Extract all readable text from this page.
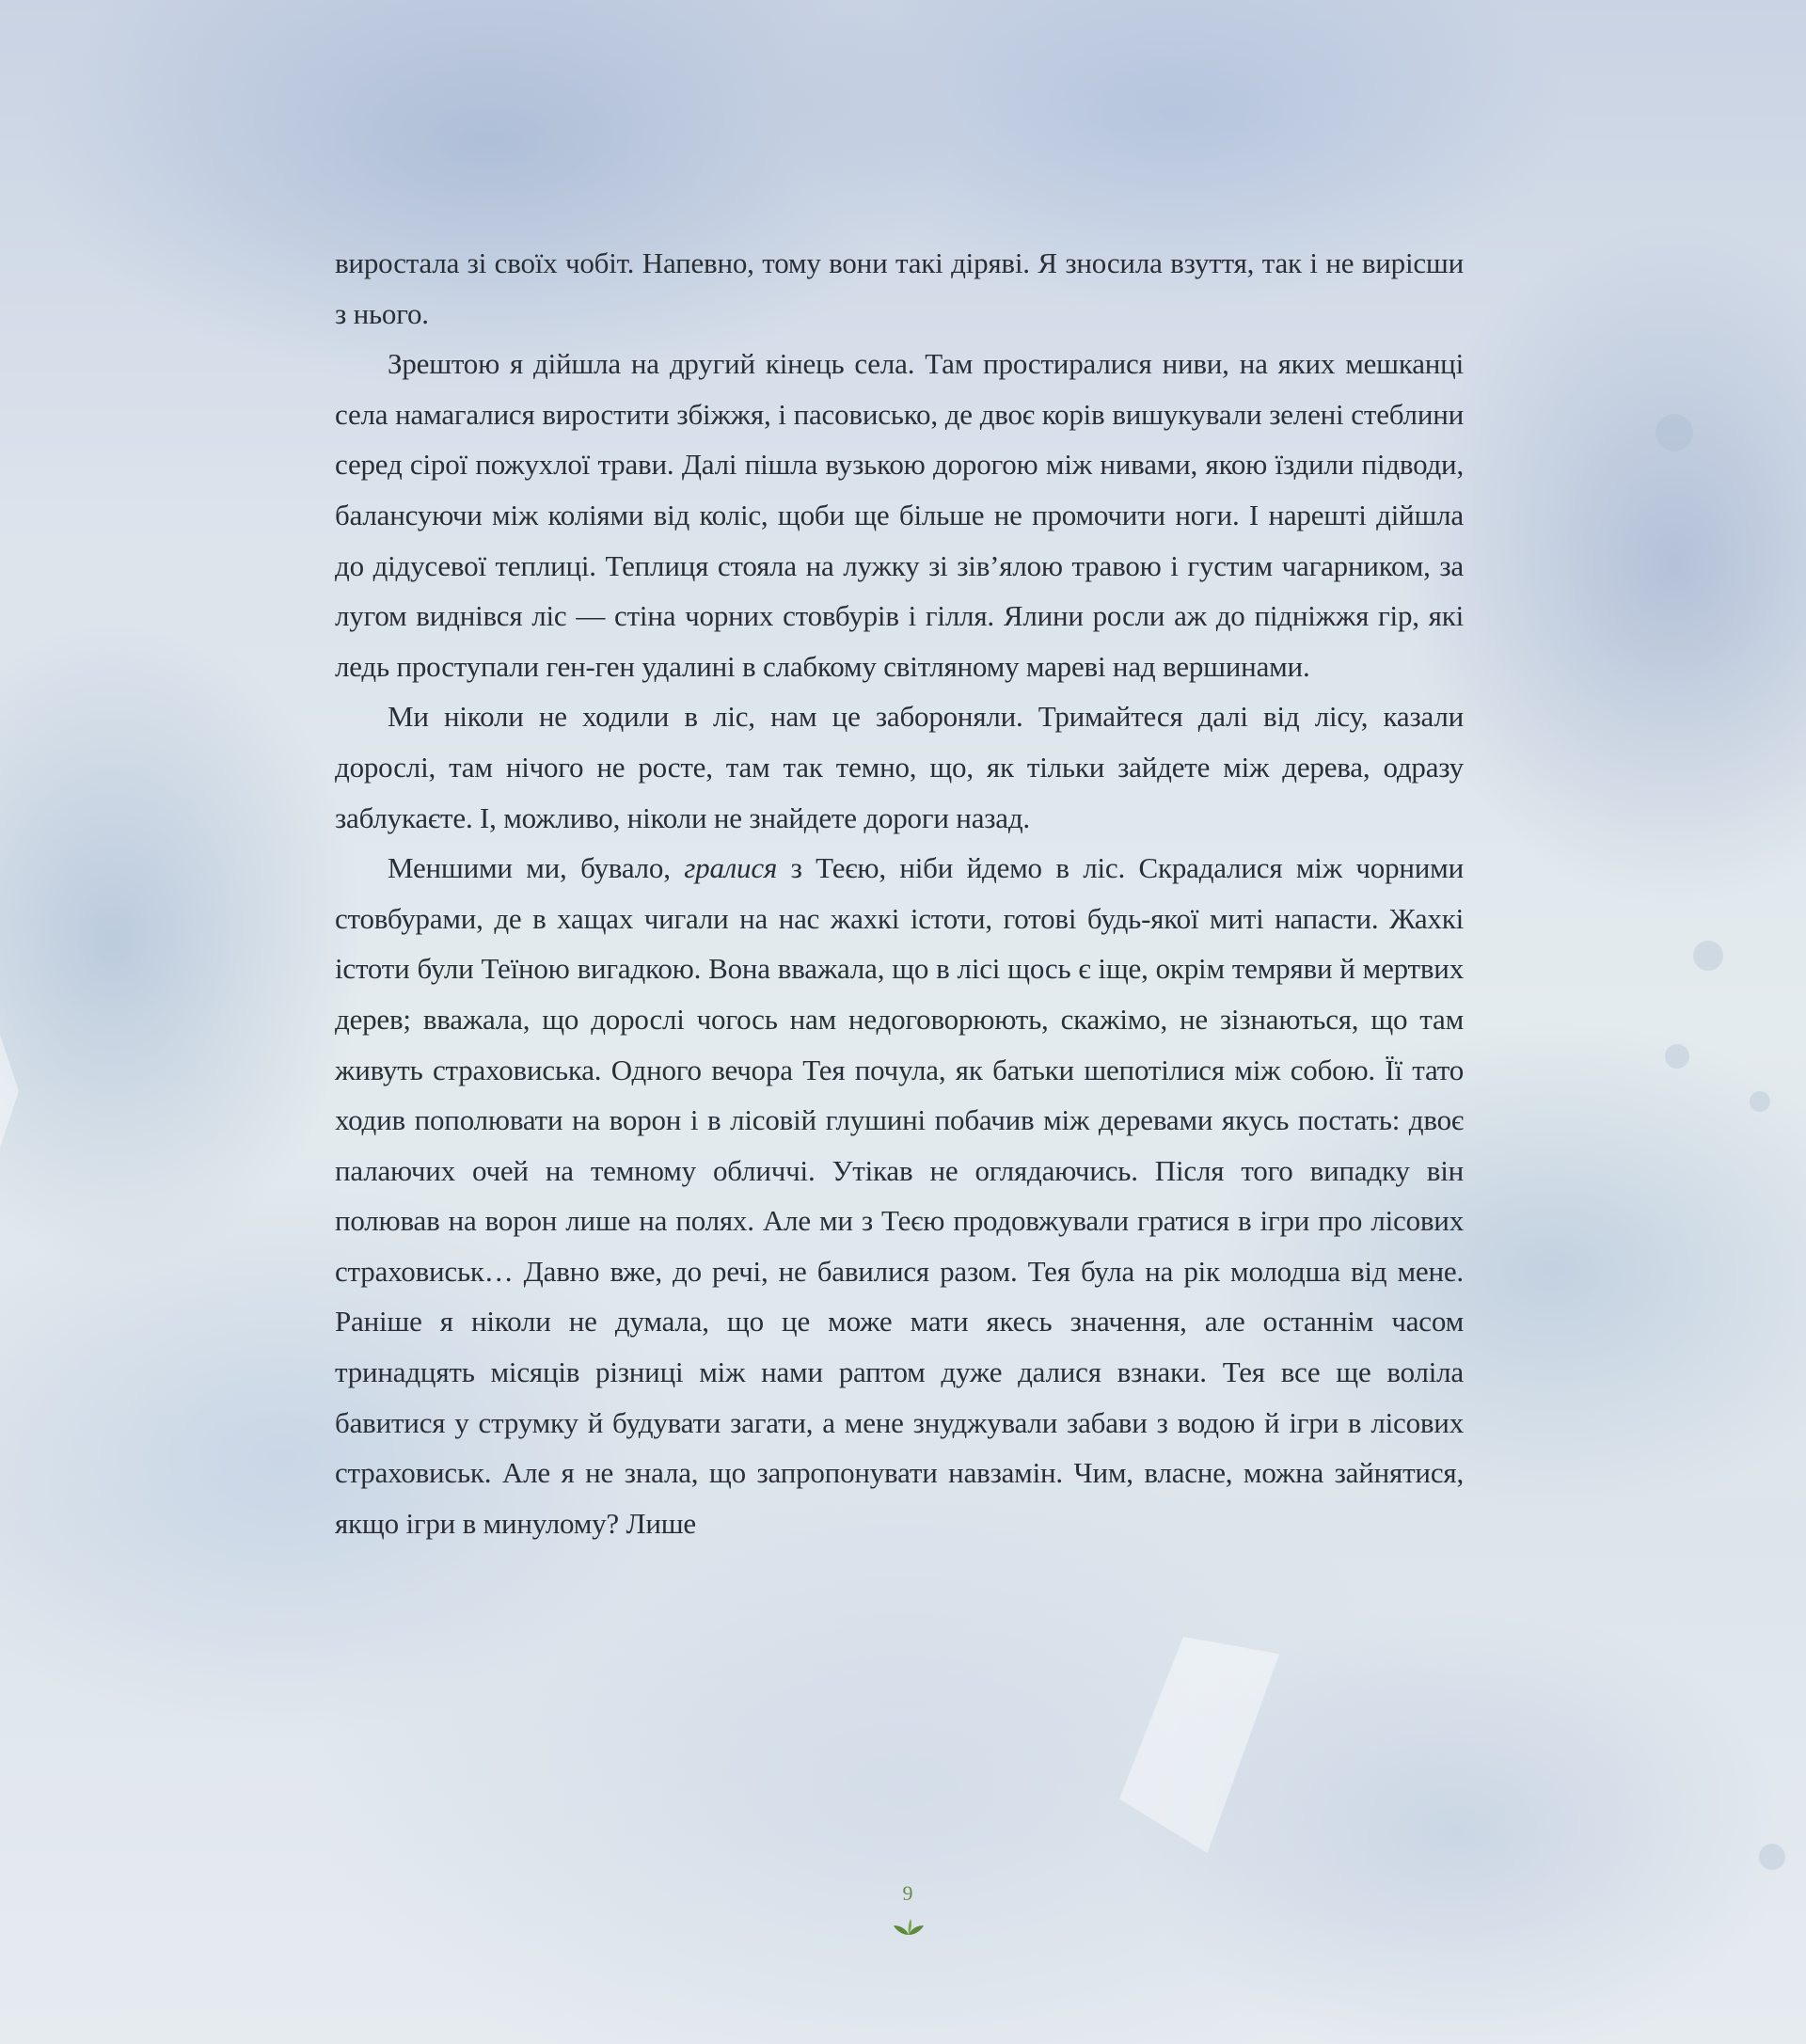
виростала зі своїх чобіт. Напевно, тому вони такі діряві. Я зносила взуття, так і не виріcши з нього.

Зрештою я дійшла на другий кінець села. Там простиралися ниви, на яких мешканці села намагалися виростити збіжжя, і пасовисько, де двоє корів вишукували зелені стеблини серед сірої пожухлої трави. Далі пішла вузькою дорогою між нивами, якою їздили підводи, балансуючи між коліями від коліс, щоби ще більше не промочити ноги. І нарешті дійшла до дідусевої теплиці. Теплиця стояла на лужку зі зів’ялою травою і густим чагарником, за лугом виднівся ліс — стіна чорних стовбурів і гілля. Ялини росли аж до підніжжя гір, які ледь проступали ген-ген удалині в слабкому світляному мареві над вершинами.

Ми ніколи не ходили в ліс, нам це забороняли. Тримайтеся далі від лісу, казали дорослі, там нічого не росте, там так темно, що, як тільки зайдете між дерева, одразу заблукаєте. І, можливо, ніколи не знайдете дороги назад.

Меншими ми, бувало, гралися з Теєю, ніби йдемо в ліс. Скрадалися між чорними стовбурами, де в хащах чигали на нас жахкі істоти, готові будь-якої миті напасти. Жахкі істоти були Теїною вигадкою. Вона вважала, що в лісі щось є іще, окрім темряви й мертвих дерев; вважала, що дорослі чогось нам недоговорюють, скажімо, не зізнаються, що там живуть страховиська. Одного вечора Тея почула, як батьки шепотілися між собою. Її тато ходив пополювати на ворон і в лісовій глушині побачив між деревами якусь постать: двоє палаючих очей на темному обличчі. Утікав не оглядаючись. Після того випадку він полював на ворон лише на полях. Але ми з Теєю продовжували гратися в ігри про лісових страховиськ… Давно вже, до речі, не бавилися разом. Тея була на рік молодша від мене. Раніше я ніколи не думала, що це може мати якесь значення, але останнім часом тринадцять місяців різниці між нами раптом дуже далися взнаки. Тея все ще воліла бавитися у струмку й будувати загати, а мене знуджували забави з водою й ігри в лісових страховиськ. Але я не знала, що запропонувати навзамін. Чим, власне, можна зайнятися, якщо ігри в минулому? Лише

9
